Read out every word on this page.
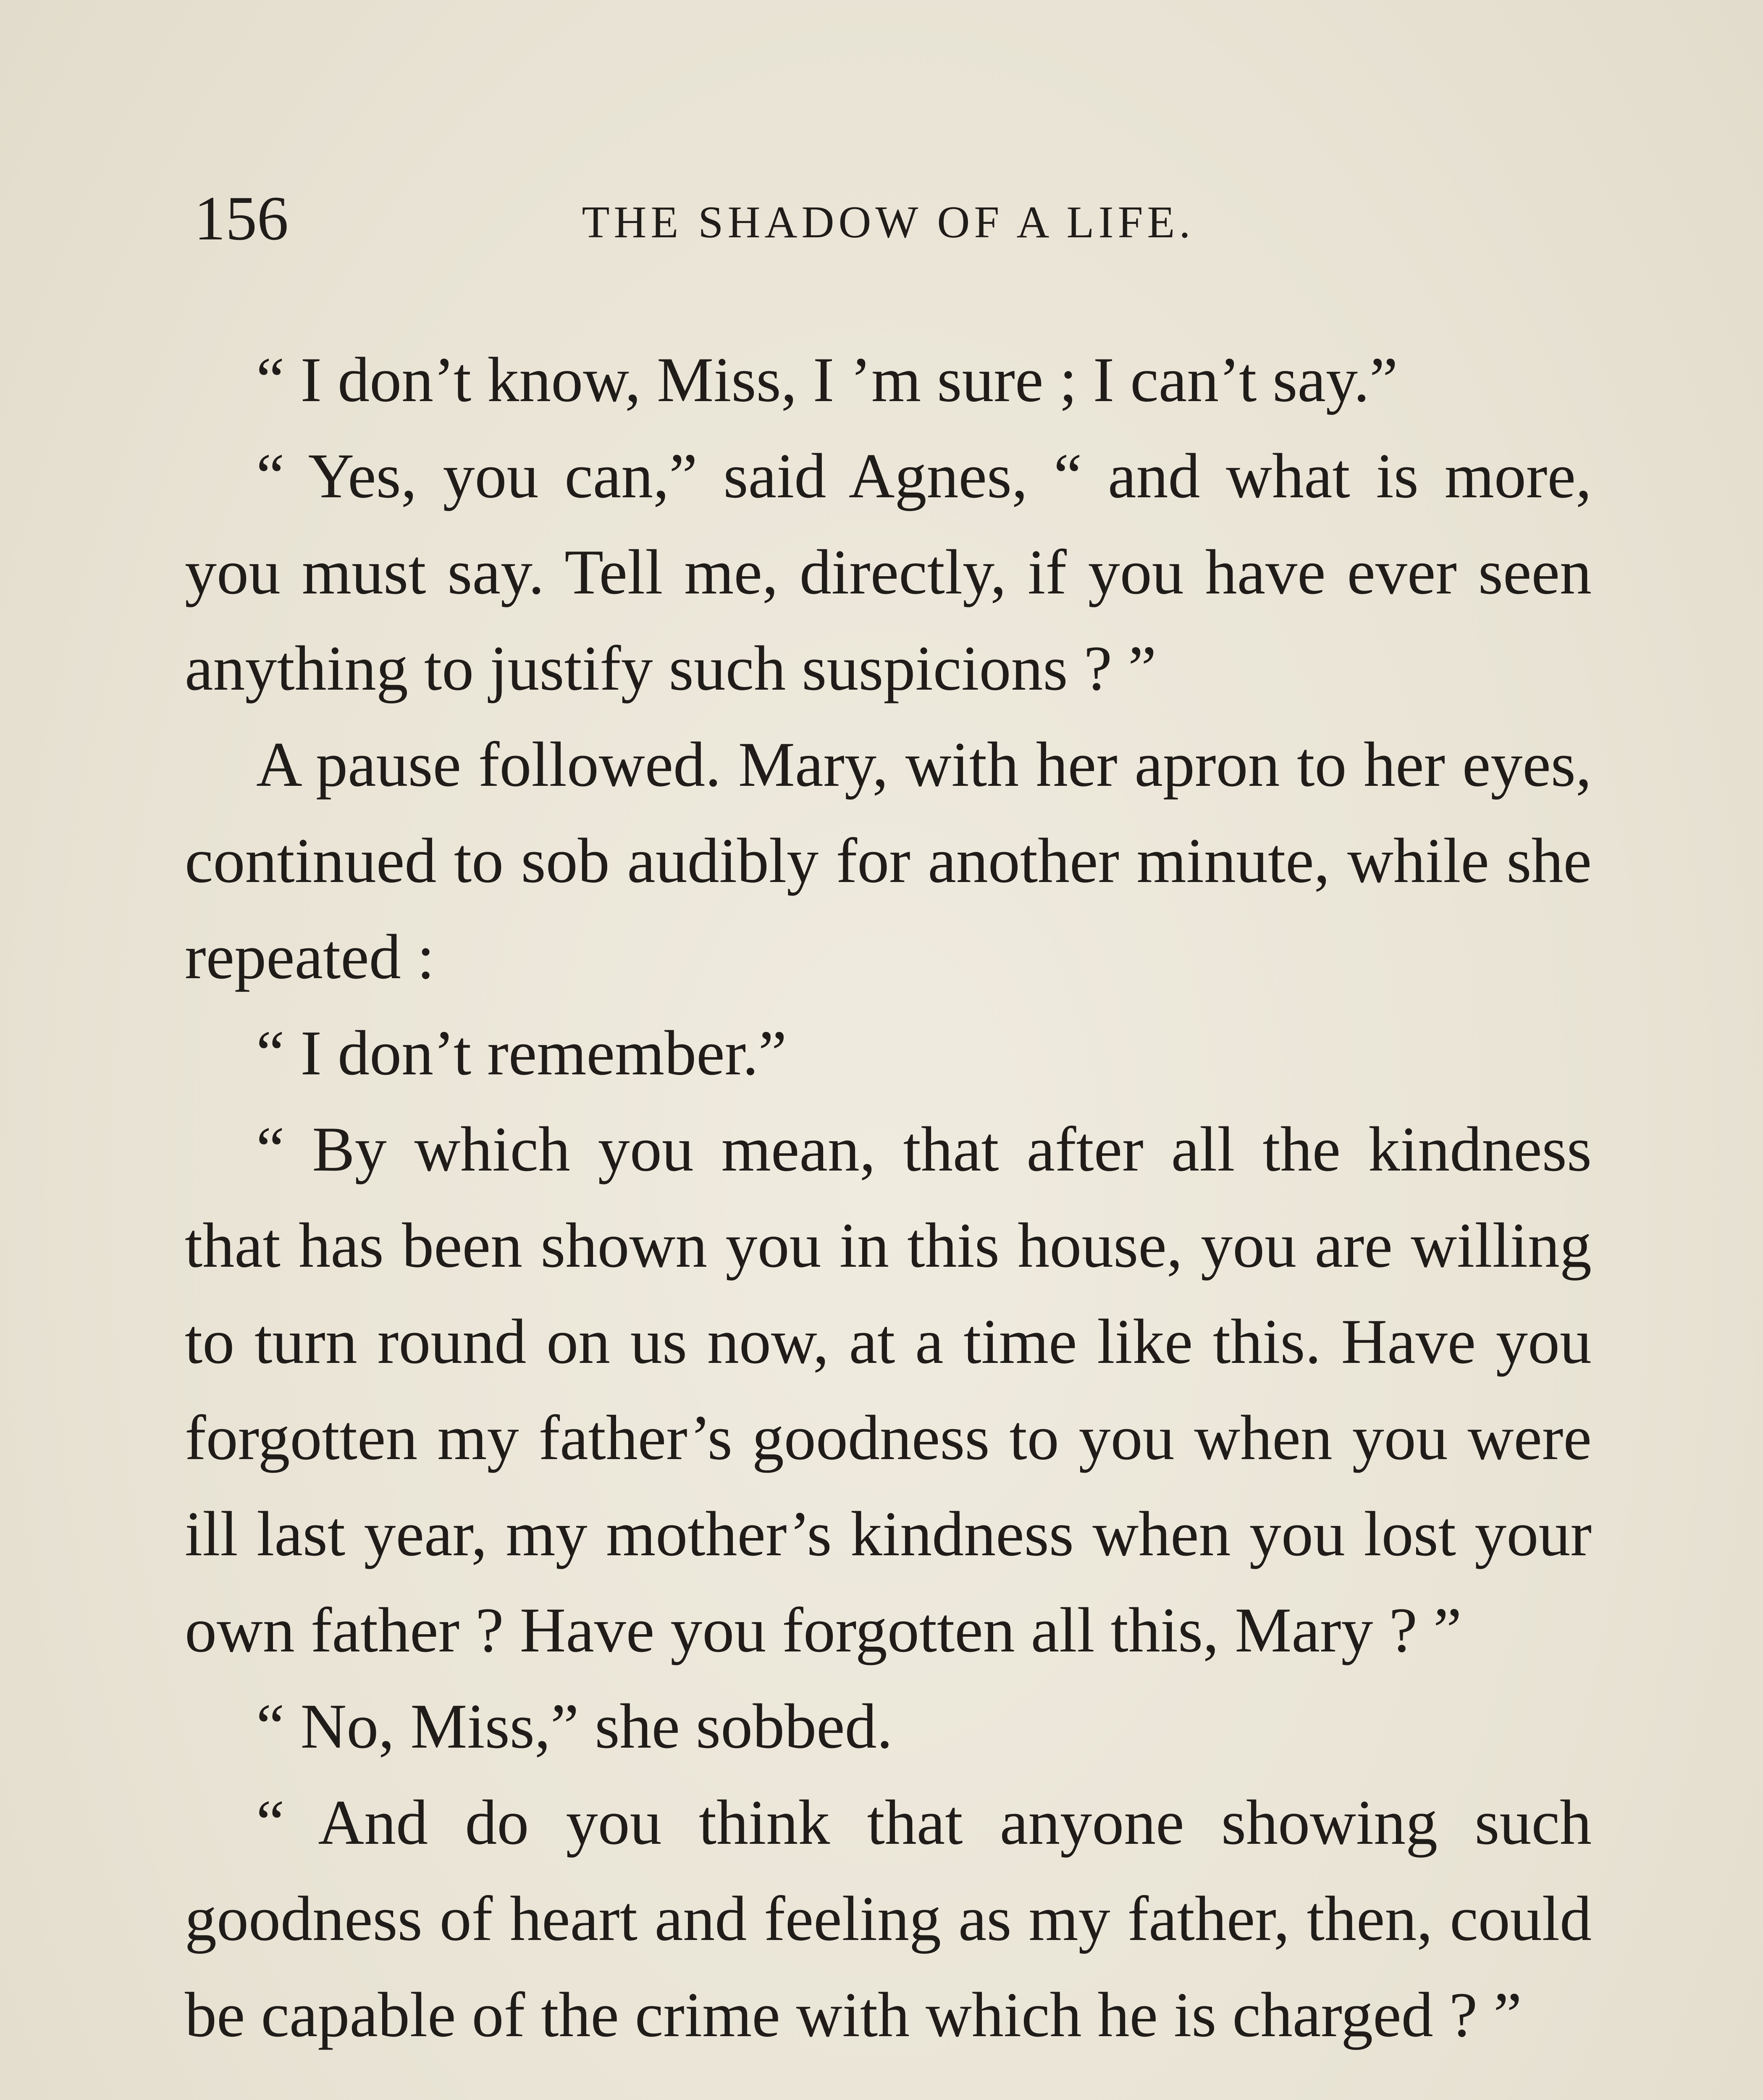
156	THE SHADOW OF A LIFE.

“ I don’t know, Miss, I ’m sure ; I can’t say.”

“ Yes, you can,” said Agnes, “ and what is more, you must say. Tell me, directly, if you have ever seen anything to justify such suspicions ? ”

A pause followed. Mary, with her apron to her eyes, continued to sob audibly for another minute, while she repeated :

“ I don’t remember.”

“ By which you mean, that after all the kindness that has been shown you in this house, you are willing to turn round on us now, at a time like this. Have you forgotten my father’s goodness to you when you were ill last year, my mother’s kindness when you lost your own father ? Have you forgotten all this, Mary ? ”

“ No, Miss,” she sobbed.

“ And do you think that anyone showing such goodness of heart and feeling as my father, then, could be capable of the crime with which he is charged ? ”
